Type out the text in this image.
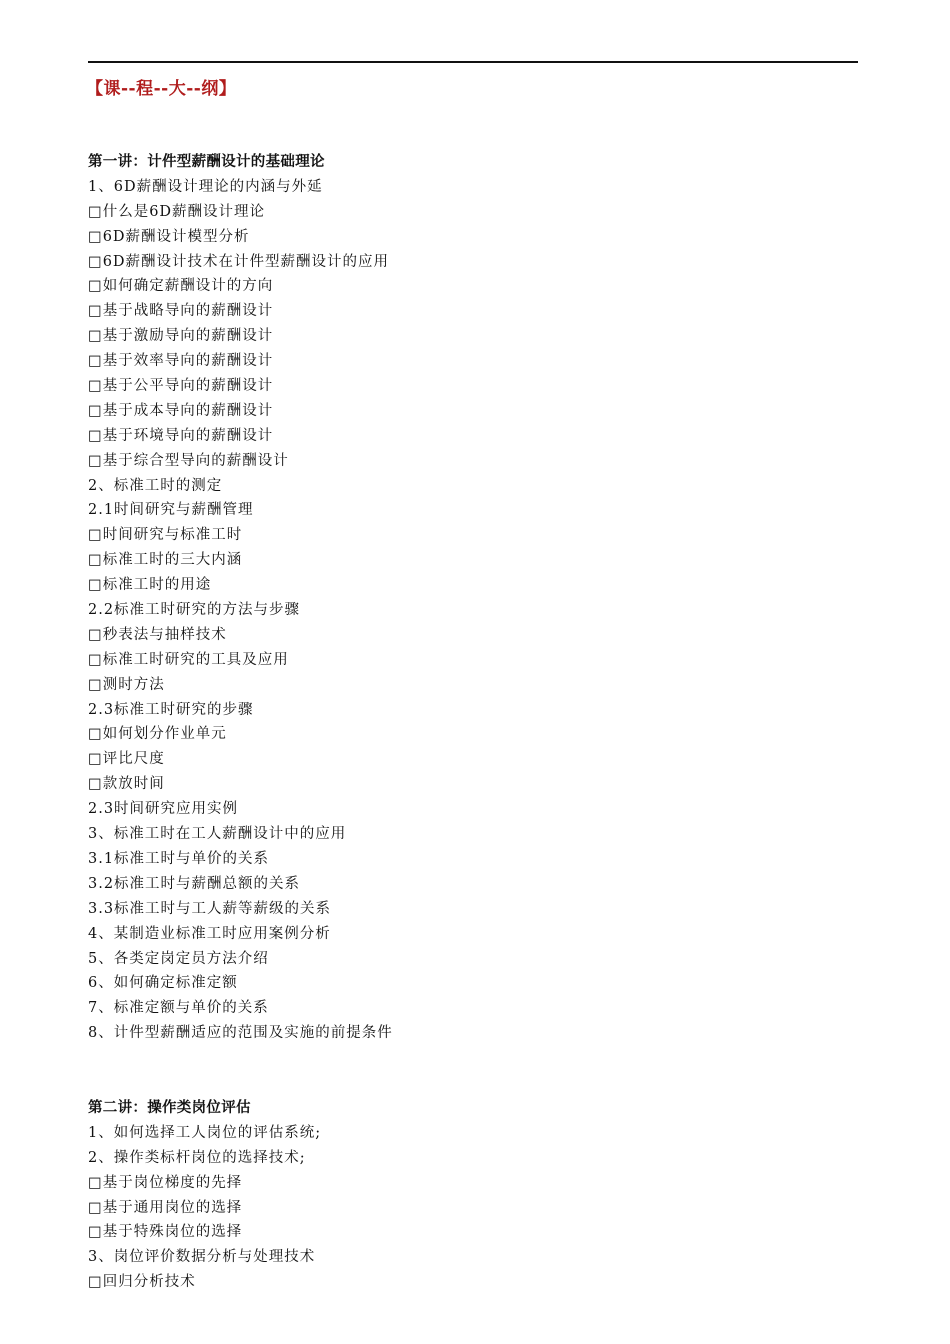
【课--程--大--纲】
第一讲：计件型薪酬设计的基础理论
1、6D薪酬设计理论的内涵与外延
□什么是6D薪酬设计理论
□6D薪酬设计模型分析
□6D薪酬设计技术在计件型薪酬设计的应用
□如何确定薪酬设计的方向
□基于战略导向的薪酬设计
□基于激励导向的薪酬设计
□基于效率导向的薪酬设计
□基于公平导向的薪酬设计
□基于成本导向的薪酬设计
□基于环境导向的薪酬设计
□基于综合型导向的薪酬设计
2、标准工时的测定
2.1时间研究与薪酬管理
□时间研究与标准工时
□标准工时的三大内涵
□标准工时的用途
2.2标准工时研究的方法与步骤
□秒表法与抽样技术
□标准工时研究的工具及应用
□测时方法
2.3标准工时研究的步骤
□如何划分作业单元
□评比尺度
□款放时间
2.3时间研究应用实例
3、标准工时在工人薪酬设计中的应用
3.1标准工时与单价的关系
3.2标准工时与薪酬总额的关系
3.3标准工时与工人薪等薪级的关系
4、某制造业标准工时应用案例分析
5、各类定岗定员方法介绍
6、如何确定标准定额
7、标准定额与单价的关系
8、计件型薪酬适应的范围及实施的前提条件
第二讲：操作类岗位评估
1、如何选择工人岗位的评估系统;
2、操作类标杆岗位的选择技术;
□基于岗位梯度的先择
□基于通用岗位的选择
□基于特殊岗位的选择
3、岗位评价数据分析与处理技术
□回归分析技术
